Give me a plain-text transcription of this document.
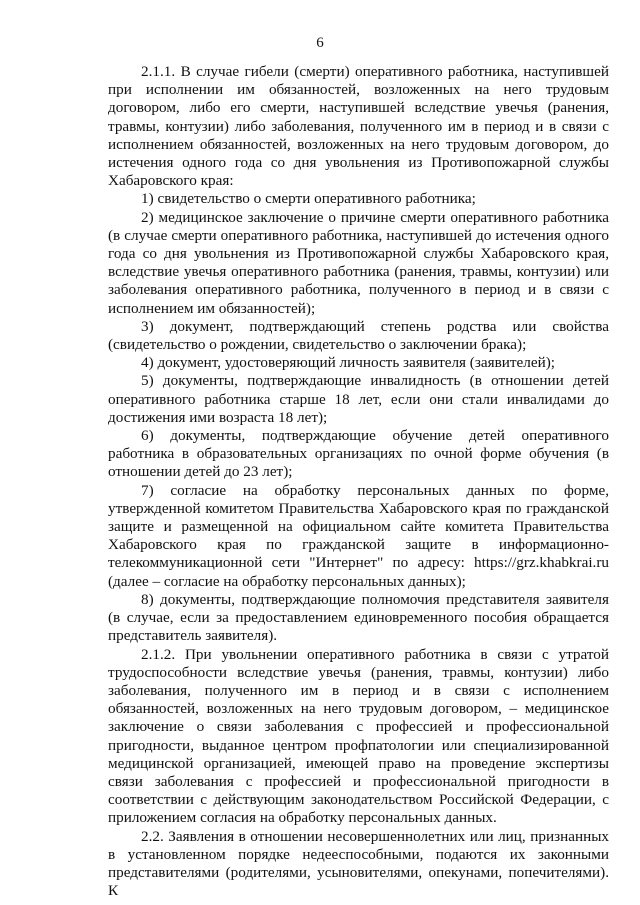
6

2.1.1. В случае гибели (смерти) оперативного работника, наступившей при исполнении им обязанностей, возложенных на него трудовым договором, либо его смерти, наступившей вследствие увечья (ранения, травмы, контузии) либо заболевания, полученного им в период и в связи с исполнением обязанностей, возложенных на него трудовым договором, до истечения одного года со дня увольнения из Противопожарной службы Хабаровского края:

1) свидетельство о смерти оперативного работника;

2) медицинское заключение о причине смерти оперативного работника (в случае смерти оперативного работника, наступившей до истечения одного года со дня увольнения из Противопожарной службы Хабаровского края, вследствие увечья оперативного работника (ранения, травмы, контузии) или заболевания оперативного работника, полученного в период и в связи с исполнением им обязанностей);

3) документ, подтверждающий степень родства или свойства (свидетельство о рождении, свидетельство о заключении брака);

4) документ, удостоверяющий личность заявителя (заявителей);

5) документы, подтверждающие инвалидность (в отношении детей оперативного работника старше 18 лет, если они стали инвалидами до достижения ими возраста 18 лет);

6) документы, подтверждающие обучение детей оперативного работника в образовательных организациях по очной форме обучения (в отношении детей до 23 лет);

7) согласие на обработку персональных данных по форме, утвержденной комитетом Правительства Хабаровского края по гражданской защите и размещенной на официальном сайте комитета Правительства Хабаровского края по гражданской защите в информационно-телекоммуникационной сети "Интернет" по адресу: https://grz.khabkrai.ru (далее – согласие на обработку персональных данных);

8) документы, подтверждающие полномочия представителя заявителя (в случае, если за предоставлением единовременного пособия обращается представитель заявителя).

2.1.2. При увольнении оперативного работника в связи с утратой трудоспособности вследствие увечья (ранения, травмы, контузии) либо заболевания, полученного им в период и в связи с исполнением обязанностей, возложенных на него трудовым договором, – медицинское заключение о связи заболевания с профессией и профессиональной пригодности, выданное центром профпатологии или специализированной медицинской организацией, имеющей право на проведение экспертизы связи заболевания с профессией и профессиональной пригодности в соответствии с действующим законодательством Российской Федерации, с приложением согласия на обработку персональных данных.

2.2. Заявления в отношении несовершеннолетних или лиц, признанных в установленном порядке недееспособными, подаются их законными представителями (родителями, усыновителями, опекунами, попечителями). К
